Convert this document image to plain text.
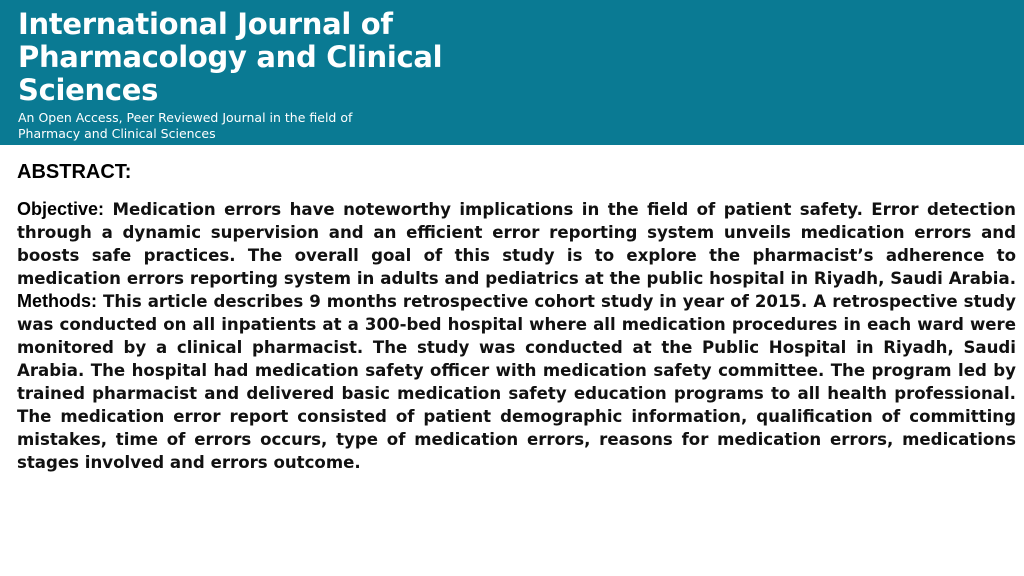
International Journal of Pharmacology and Clinical Sciences
An Open Access, Peer Reviewed Journal in the field of Pharmacy and Clinical Sciences
ABSTRACT:

Objective: Medication errors have noteworthy implications in the field of patient safety. Error detection through a dynamic supervision and an efficient error reporting system unveils medication errors and boosts safe practices. The overall goal of this study is to explore the pharmacist’s adherence to medication errors reporting system in adults and pediatrics at the public hospital in Riyadh, Saudi Arabia. Methods: This article describes 9 months retrospective cohort study in year of 2015. A retrospective study was conducted on all inpatients at a 300-bed hospital where all medication procedures in each ward were monitored by a clinical pharmacist. The study was conducted at the Public Hospital in Riyadh, Saudi Arabia. The hospital had medication safety officer with medication safety committee. The program led by trained pharmacist and delivered basic medication safety education programs to all health professional. The medication error report consisted of patient demographic information, qualification of committing mistakes, time of errors occurs, type of medication errors, reasons for medication errors, medications stages involved and errors outcome.
